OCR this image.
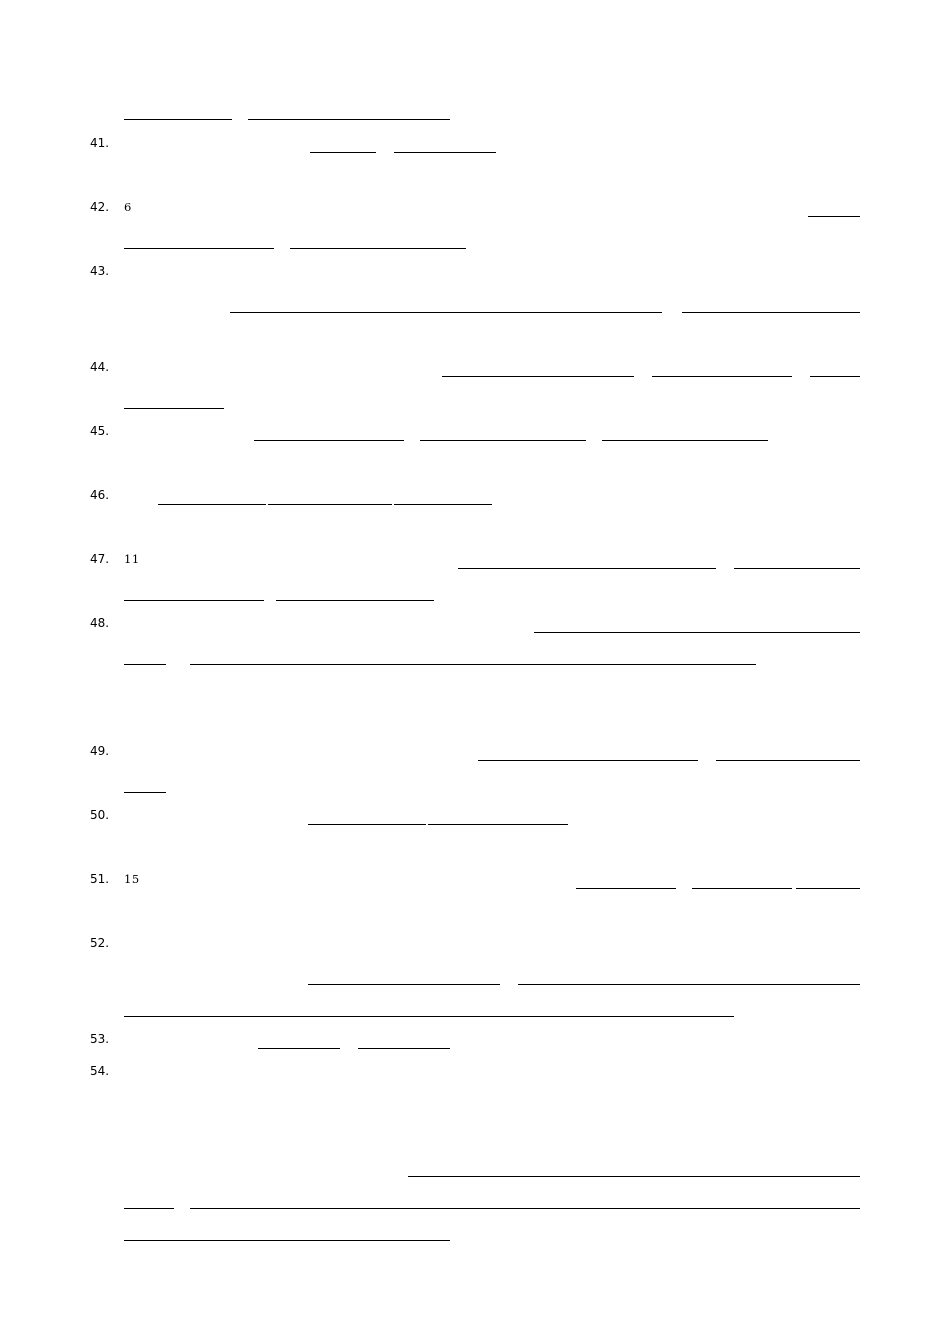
41.
42. 6
43.
44.
45.
46.
47. 11
48.
49.
50.
51. 15
52.
53.
54.
